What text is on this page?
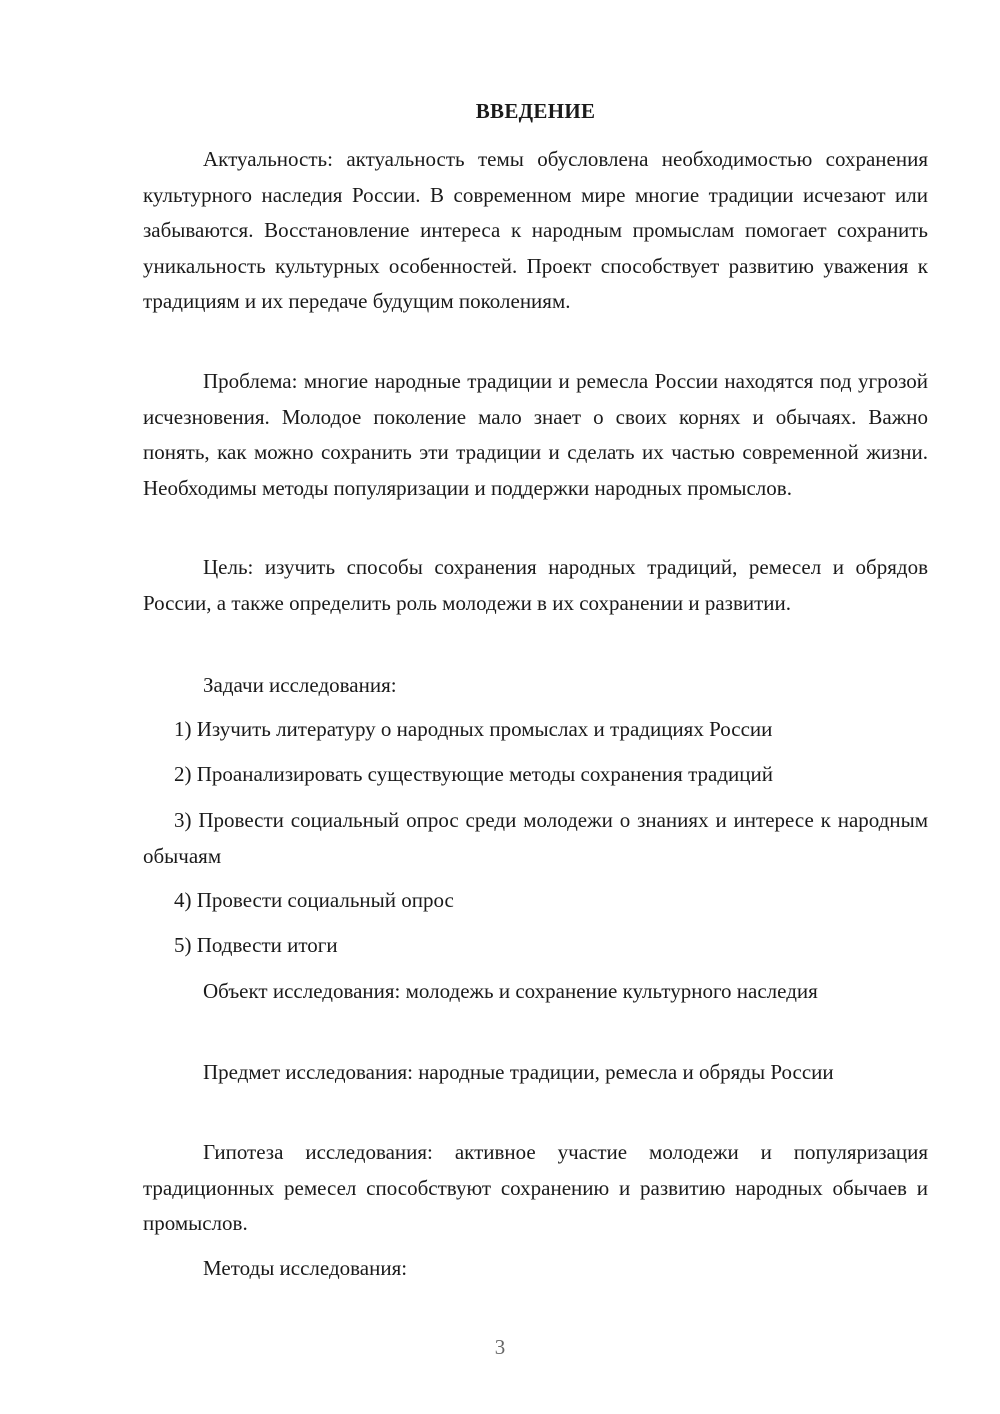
ВВЕДЕНИЕ

Актуальность: актуальность темы обусловлена необходимостью сохранения культурного наследия России. В современном мире многие традиции исчезают или забываются. Восстановление интереса к народным промыслам помогает сохранить уникальность культурных особенностей. Проект способствует развитию уважения к традициям и их передаче будущим поколениям.

Проблема: многие народные традиции и ремесла России находятся под угрозой исчезновения. Молодое поколение мало знает о своих корнях и обычаях. Важно понять, как можно сохранить эти традиции и сделать их частью современной жизни. Необходимы методы популяризации и поддержки народных промыслов.

Цель: изучить способы сохранения народных традиций, ремесел и обрядов России, а также определить роль молодежи в их сохранении и развитии.

Задачи исследования:

1) Изучить литературу о народных промыслах и традициях России

2) Проанализировать существующие методы сохранения традиций

3) Провести социальный опрос среди молодежи о знаниях и интересе к народным обычаям

4) Провести социальный опрос

5) Подвести итоги

Объект исследования: молодежь и сохранение культурного наследия

Предмет исследования: народные традиции, ремесла и обряды России

Гипотеза исследования: активное участие молодежи и популяризация традиционных ремесел способствуют сохранению и развитию народных обычаев и промыслов.

Методы исследования:

3
